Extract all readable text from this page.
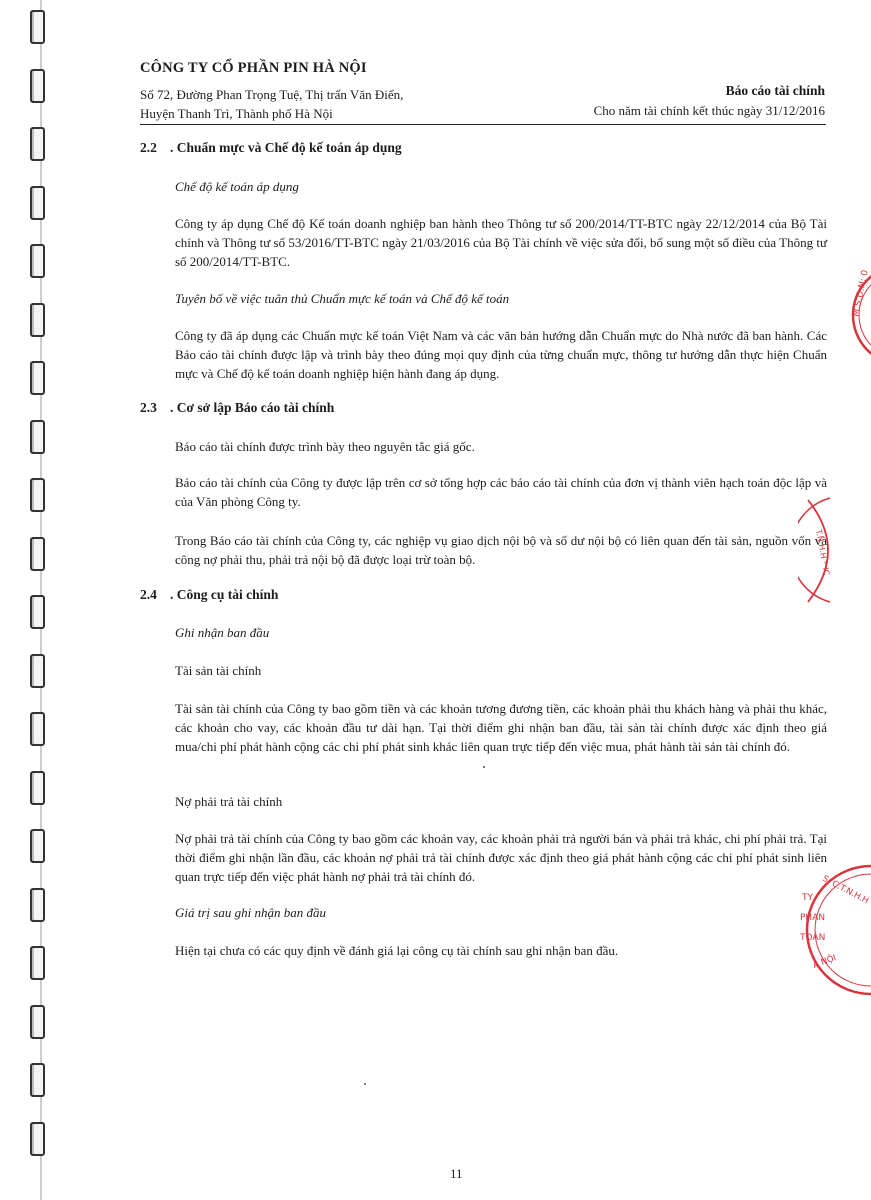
CÔNG TY CỔ PHẦN PIN HÀ NỘI
Số 72, Đường Phan Trọng Tuệ, Thị trấn Văn Điển,
Huyện Thanh Trì, Thành phố Hà Nội
Báo cáo tài chính
Cho năm tài chính kết thúc ngày 31/12/2016
2.2 . Chuẩn mực và Chế độ kế toán áp dụng
Chế độ kế toán áp dụng
Công ty áp dụng Chế độ Kế toán doanh nghiệp ban hành theo Thông tư số 200/2014/TT-BTC ngày 22/12/2014 của Bộ Tài chính và Thông tư số 53/2016/TT-BTC ngày 21/03/2016 của Bộ Tài chính về việc sửa đổi, bổ sung một số điều của Thông tư số 200/2014/TT-BTC.
Tuyên bố về việc tuân thủ Chuẩn mực kế toán và Chế độ kế toán
Công ty đã áp dụng các Chuẩn mực kế toán Việt Nam và các văn bản hướng dẫn Chuẩn mực do Nhà nước đã ban hành. Các Báo cáo tài chính được lập và trình bày theo đúng mọi quy định của từng chuẩn mực, thông tư hướng dẫn thực hiện Chuẩn mực và Chế độ kế toán doanh nghiệp hiện hành đang áp dụng.
2.3 . Cơ sở lập Báo cáo tài chính
Báo cáo tài chính được trình bày theo nguyên tắc giá gốc.
Báo cáo tài chính của Công ty được lập trên cơ sở tổng hợp các báo cáo tài chính của đơn vị thành viên hạch toán độc lập và của Văn phòng Công ty.
Trong Báo cáo tài chính của Công ty, các nghiệp vụ giao dịch nội bộ và số dư nội bộ có liên quan đến tài sản, nguồn vốn và công nợ phải thu, phải trả nội bộ đã được loại trừ toàn bộ.
2.4 . Công cụ tài chính
Ghi nhận ban đầu
Tài sản tài chính
Tài sản tài chính của Công ty bao gồm tiền và các khoản tương đương tiền, các khoản phải thu khách hàng và phải thu khác, các khoản cho vay, các khoản đầu tư dài hạn. Tại thời điểm ghi nhận ban đầu, tài sản tài chính được xác định theo giá mua/chi phí phát hành cộng các chi phí phát sinh khác liên quan trực tiếp đến việc mua, phát hành tài sản tài chính đó.
Nợ phải trả tài chính
Nợ phải trả tài chính của Công ty bao gồm các khoản vay, các khoản phải trả người bán và phải trả khác, chi phí phải trả. Tại thời điểm ghi nhận lần đầu, các khoản nợ phải trả tài chính được xác định theo giá phát hành cộng các chi phí phát sinh liên quan trực tiếp đến việc phát hành nợ phải trả tài chính đó.
Giá trị sau ghi nhận ban đầu
Hiện tại chưa có các quy định về đánh giá lại công cụ tài chính sau ghi nhận ban đầu.
11
M.S.D.N: 0
T.N.H.H * IC
S. C.T.N.H.H
TY
PHAN
TOÁN
À NỘI
